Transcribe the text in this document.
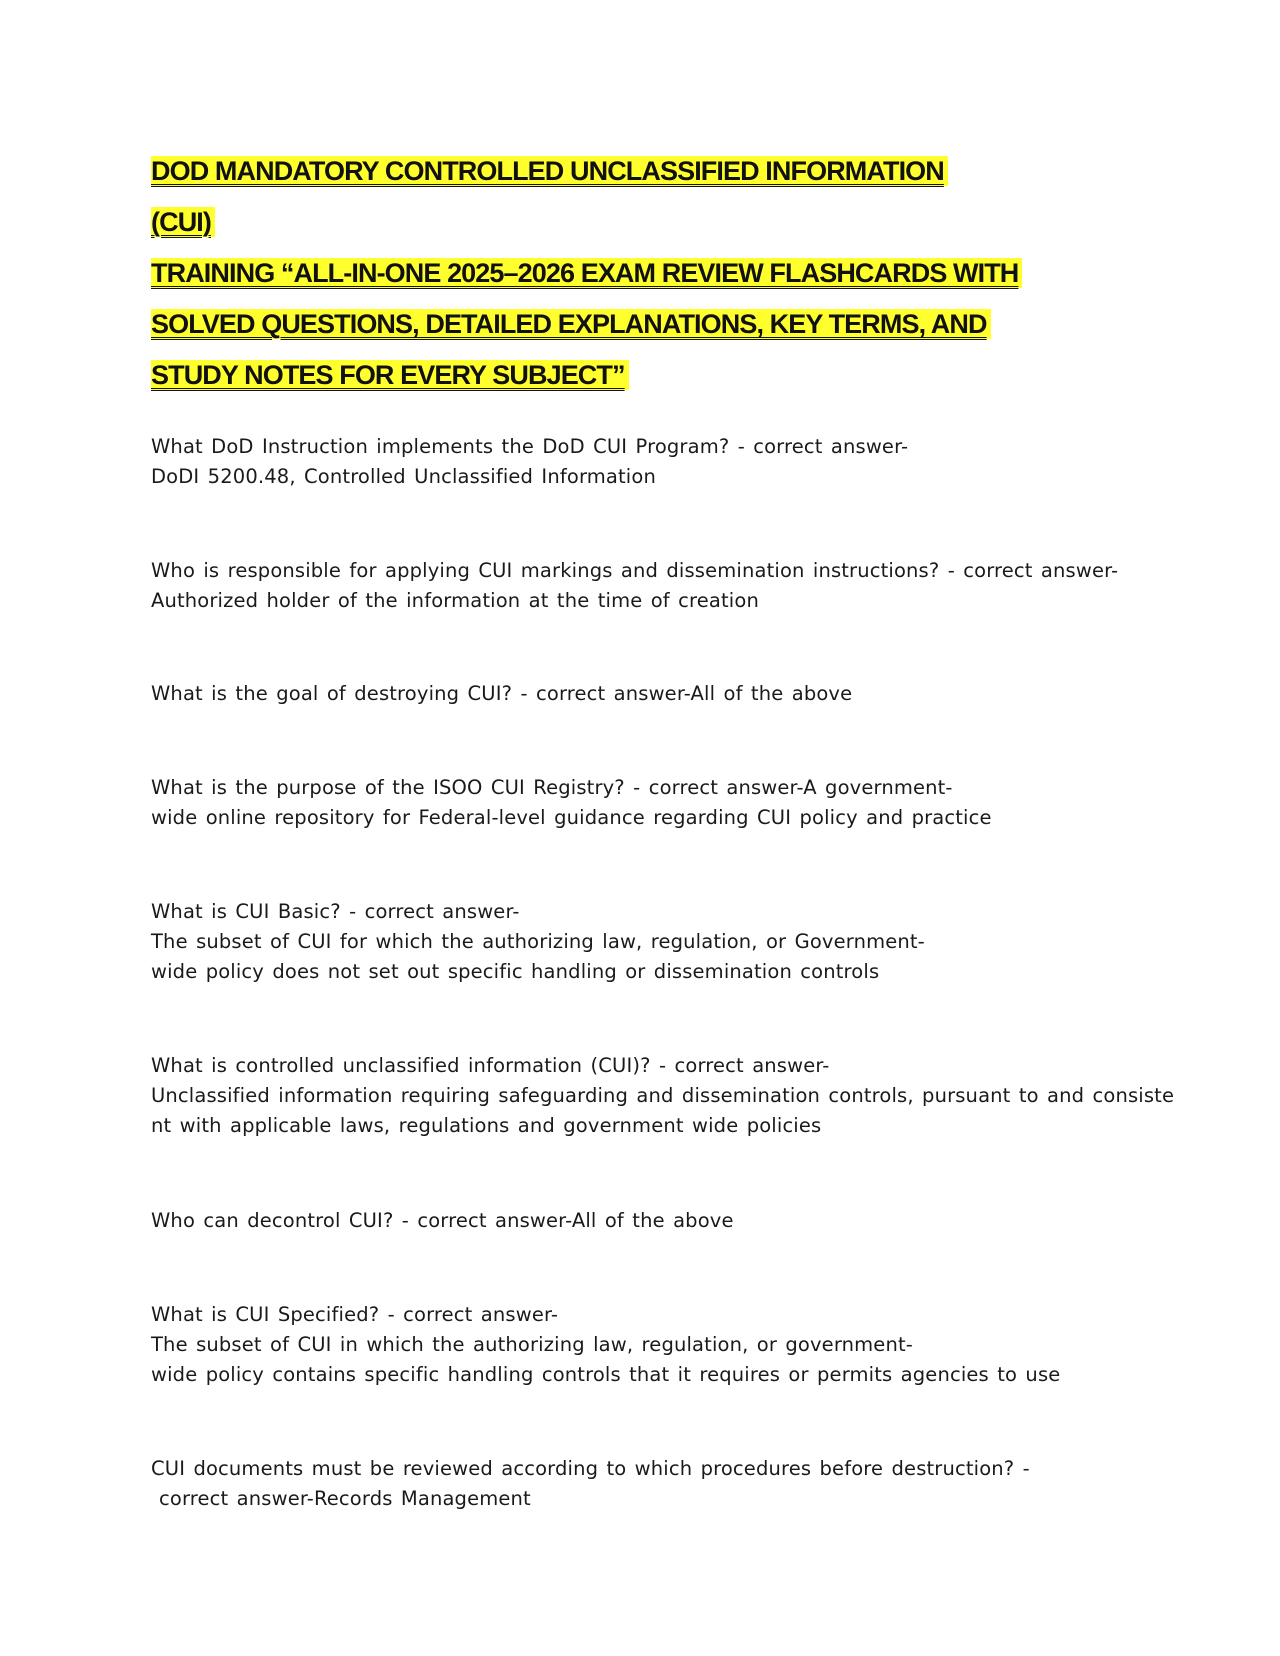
DOD MANDATORY CONTROLLED UNCLASSIFIED INFORMATION
(CUI)
TRAINING “ALL-IN-ONE 2025–2026 EXAM REVIEW FLASHCARDS WITH
SOLVED QUESTIONS, DETAILED EXPLANATIONS, KEY TERMS, AND
STUDY NOTES FOR EVERY SUBJECT”
What DoD Instruction implements the DoD CUI Program? - correct answer-
DoDI 5200.48, Controlled Unclassified Information
Who is responsible for applying CUI markings and dissemination instructions? - correct answer-
Authorized holder of the information at the time of creation
What is the goal of destroying CUI? - correct answer-All of the above
What is the purpose of the ISOO CUI Registry? - correct answer-A government-
wide online repository for Federal-level guidance regarding CUI policy and practice
What is CUI Basic? - correct answer-
The subset of CUI for which the authorizing law, regulation, or Government-
wide policy does not set out specific handling or dissemination controls
What is controlled unclassified information (CUI)? - correct answer-
Unclassified information requiring safeguarding and dissemination controls, pursuant to and consiste
nt with applicable laws, regulations and government wide policies
Who can decontrol CUI? - correct answer-All of the above
What is CUI Specified? - correct answer-
The subset of CUI in which the authorizing law, regulation, or government-
wide policy contains specific handling controls that it requires or permits agencies to use
CUI documents must be reviewed according to which procedures before destruction? -
correct answer-Records Management
